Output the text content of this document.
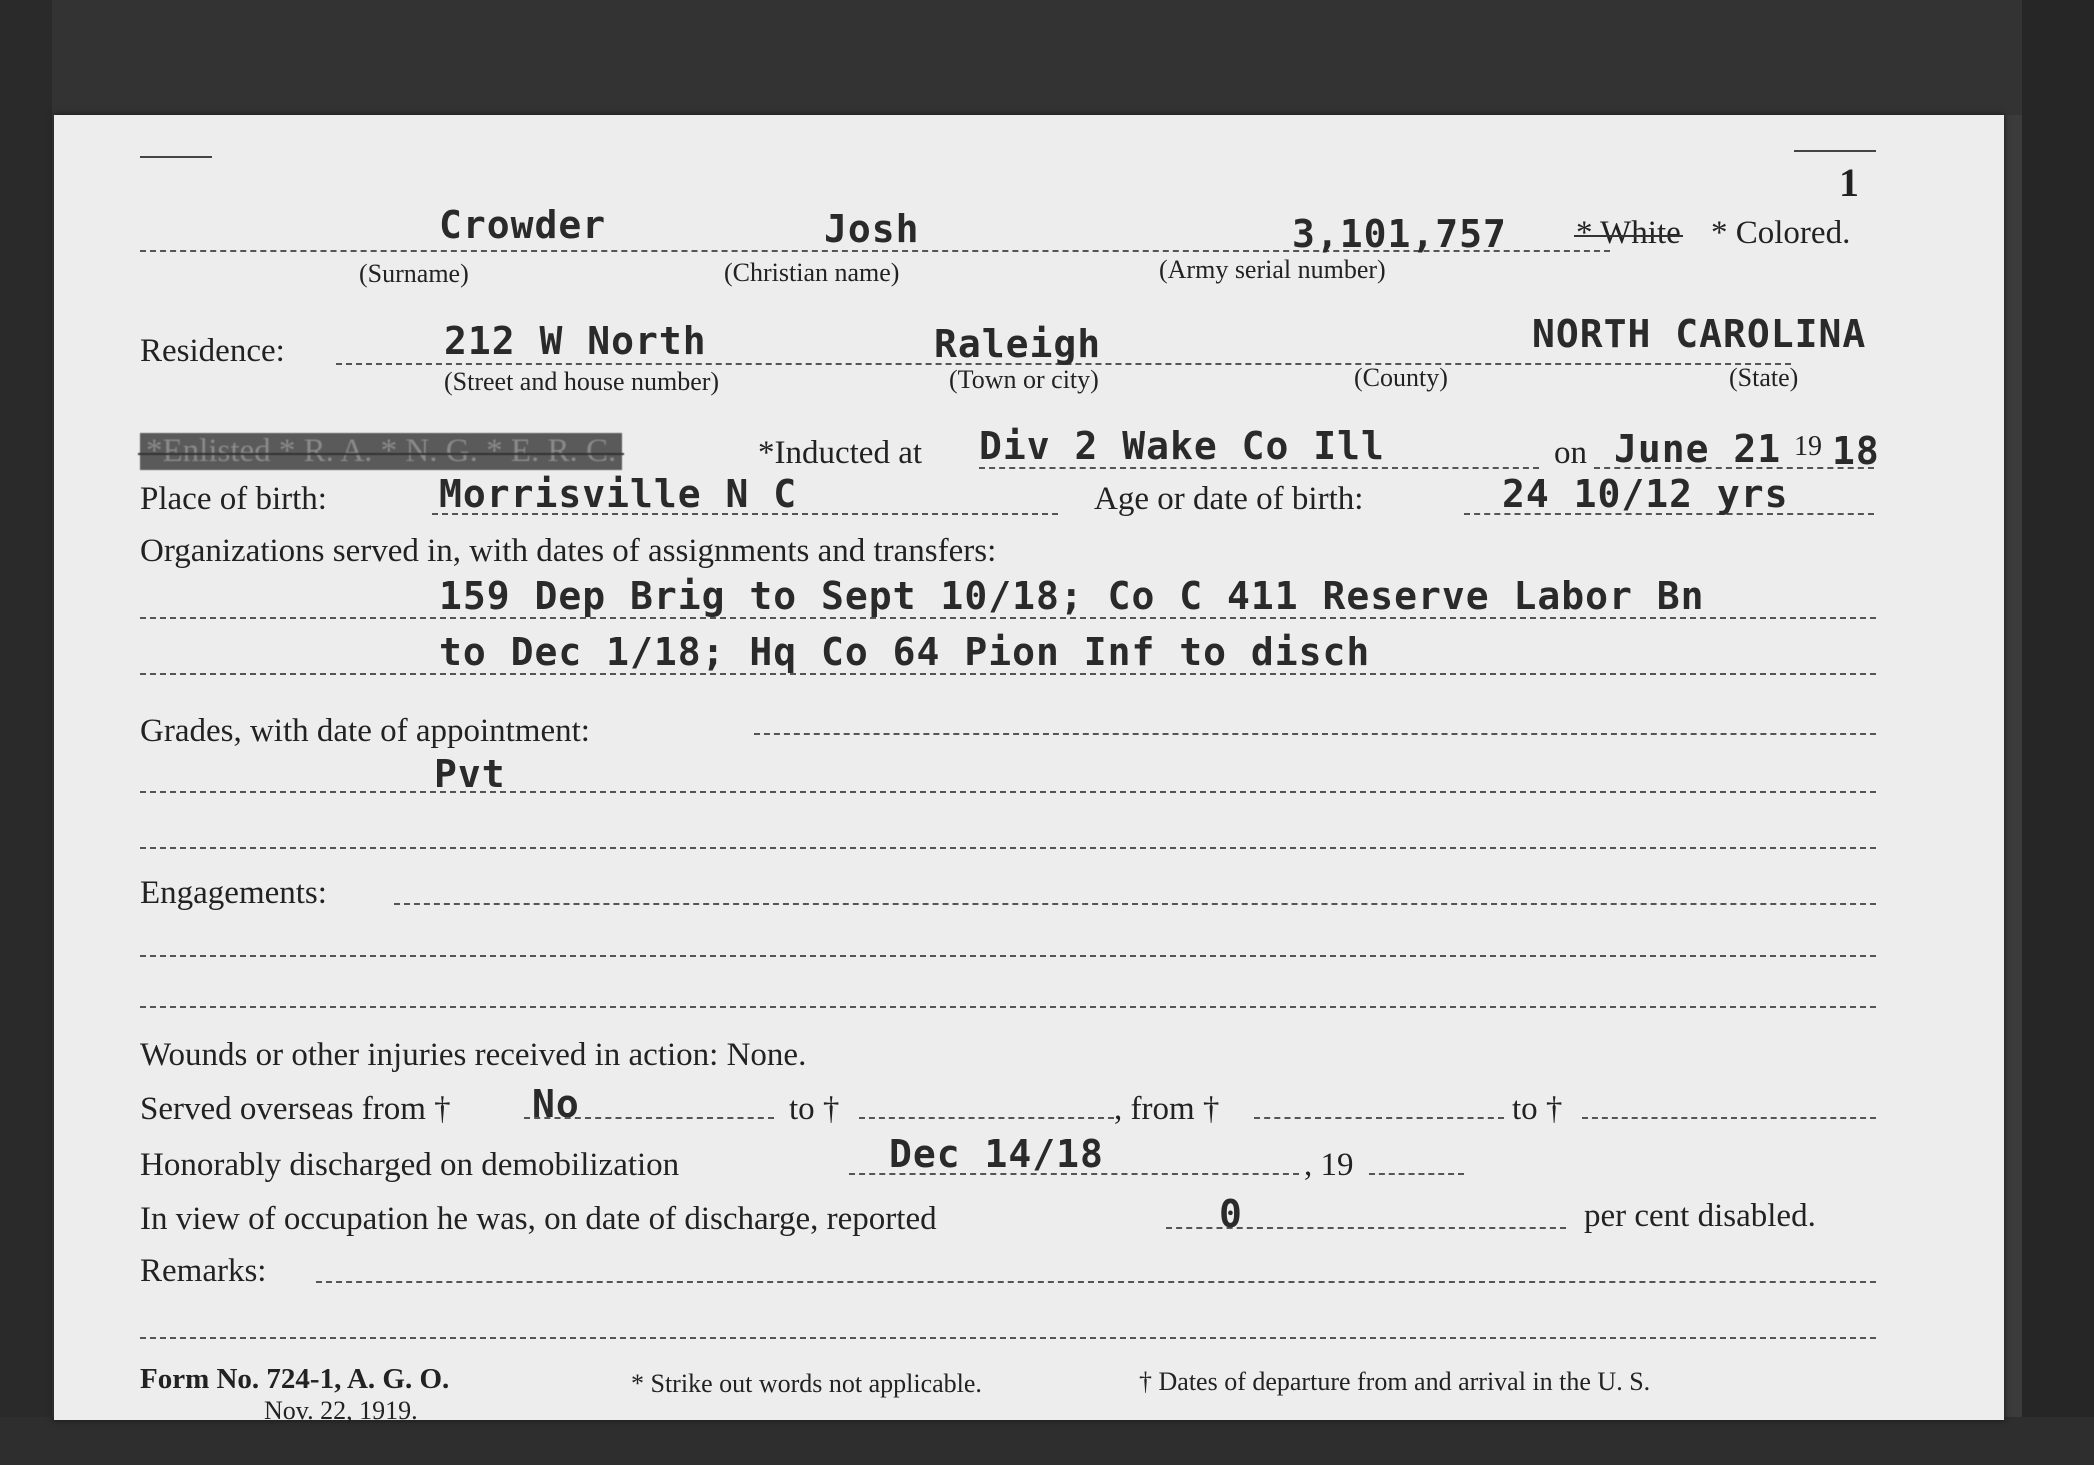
1
Crowder	Josh	3,101,757 * White * Colored.
(Surname)	(Christian name)	(Army serial number)
Residence:	212 W North	Raleigh	NORTH CAROLINA
(Street and house number)	(Town or city)	(County)	(State)
*Enlisted * R. A. * N. G. * E. R. C.	*Inducted at Div 2 Wake Co Ill	on June 21 19 18
Place of birth:	Morrisville N C	Age or date of birth:	24 10/12 yrs
Organizations served in, with dates of assignments and transfers:
159 Dep Brig to Sept 10/18; Co C 411 Reserve Labor Bn
to Dec 1/18; Hq Co 64 Pion Inf to disch
Grades, with date of appointment:
Pvt
Engagements:
Wounds or other injuries received in action: None.
Served overseas from † No	to †	, from †	to †
Honorably discharged on demobilization	Dec 14/18	, 19
In view of occupation he was, on date of discharge, reported	0	per cent disabled.
Remarks:
Form No. 724-1, A. G. O.
Nov. 22, 1919.
* Strike out words not applicable.	† Dates of departure from and arrival in the U. S.
